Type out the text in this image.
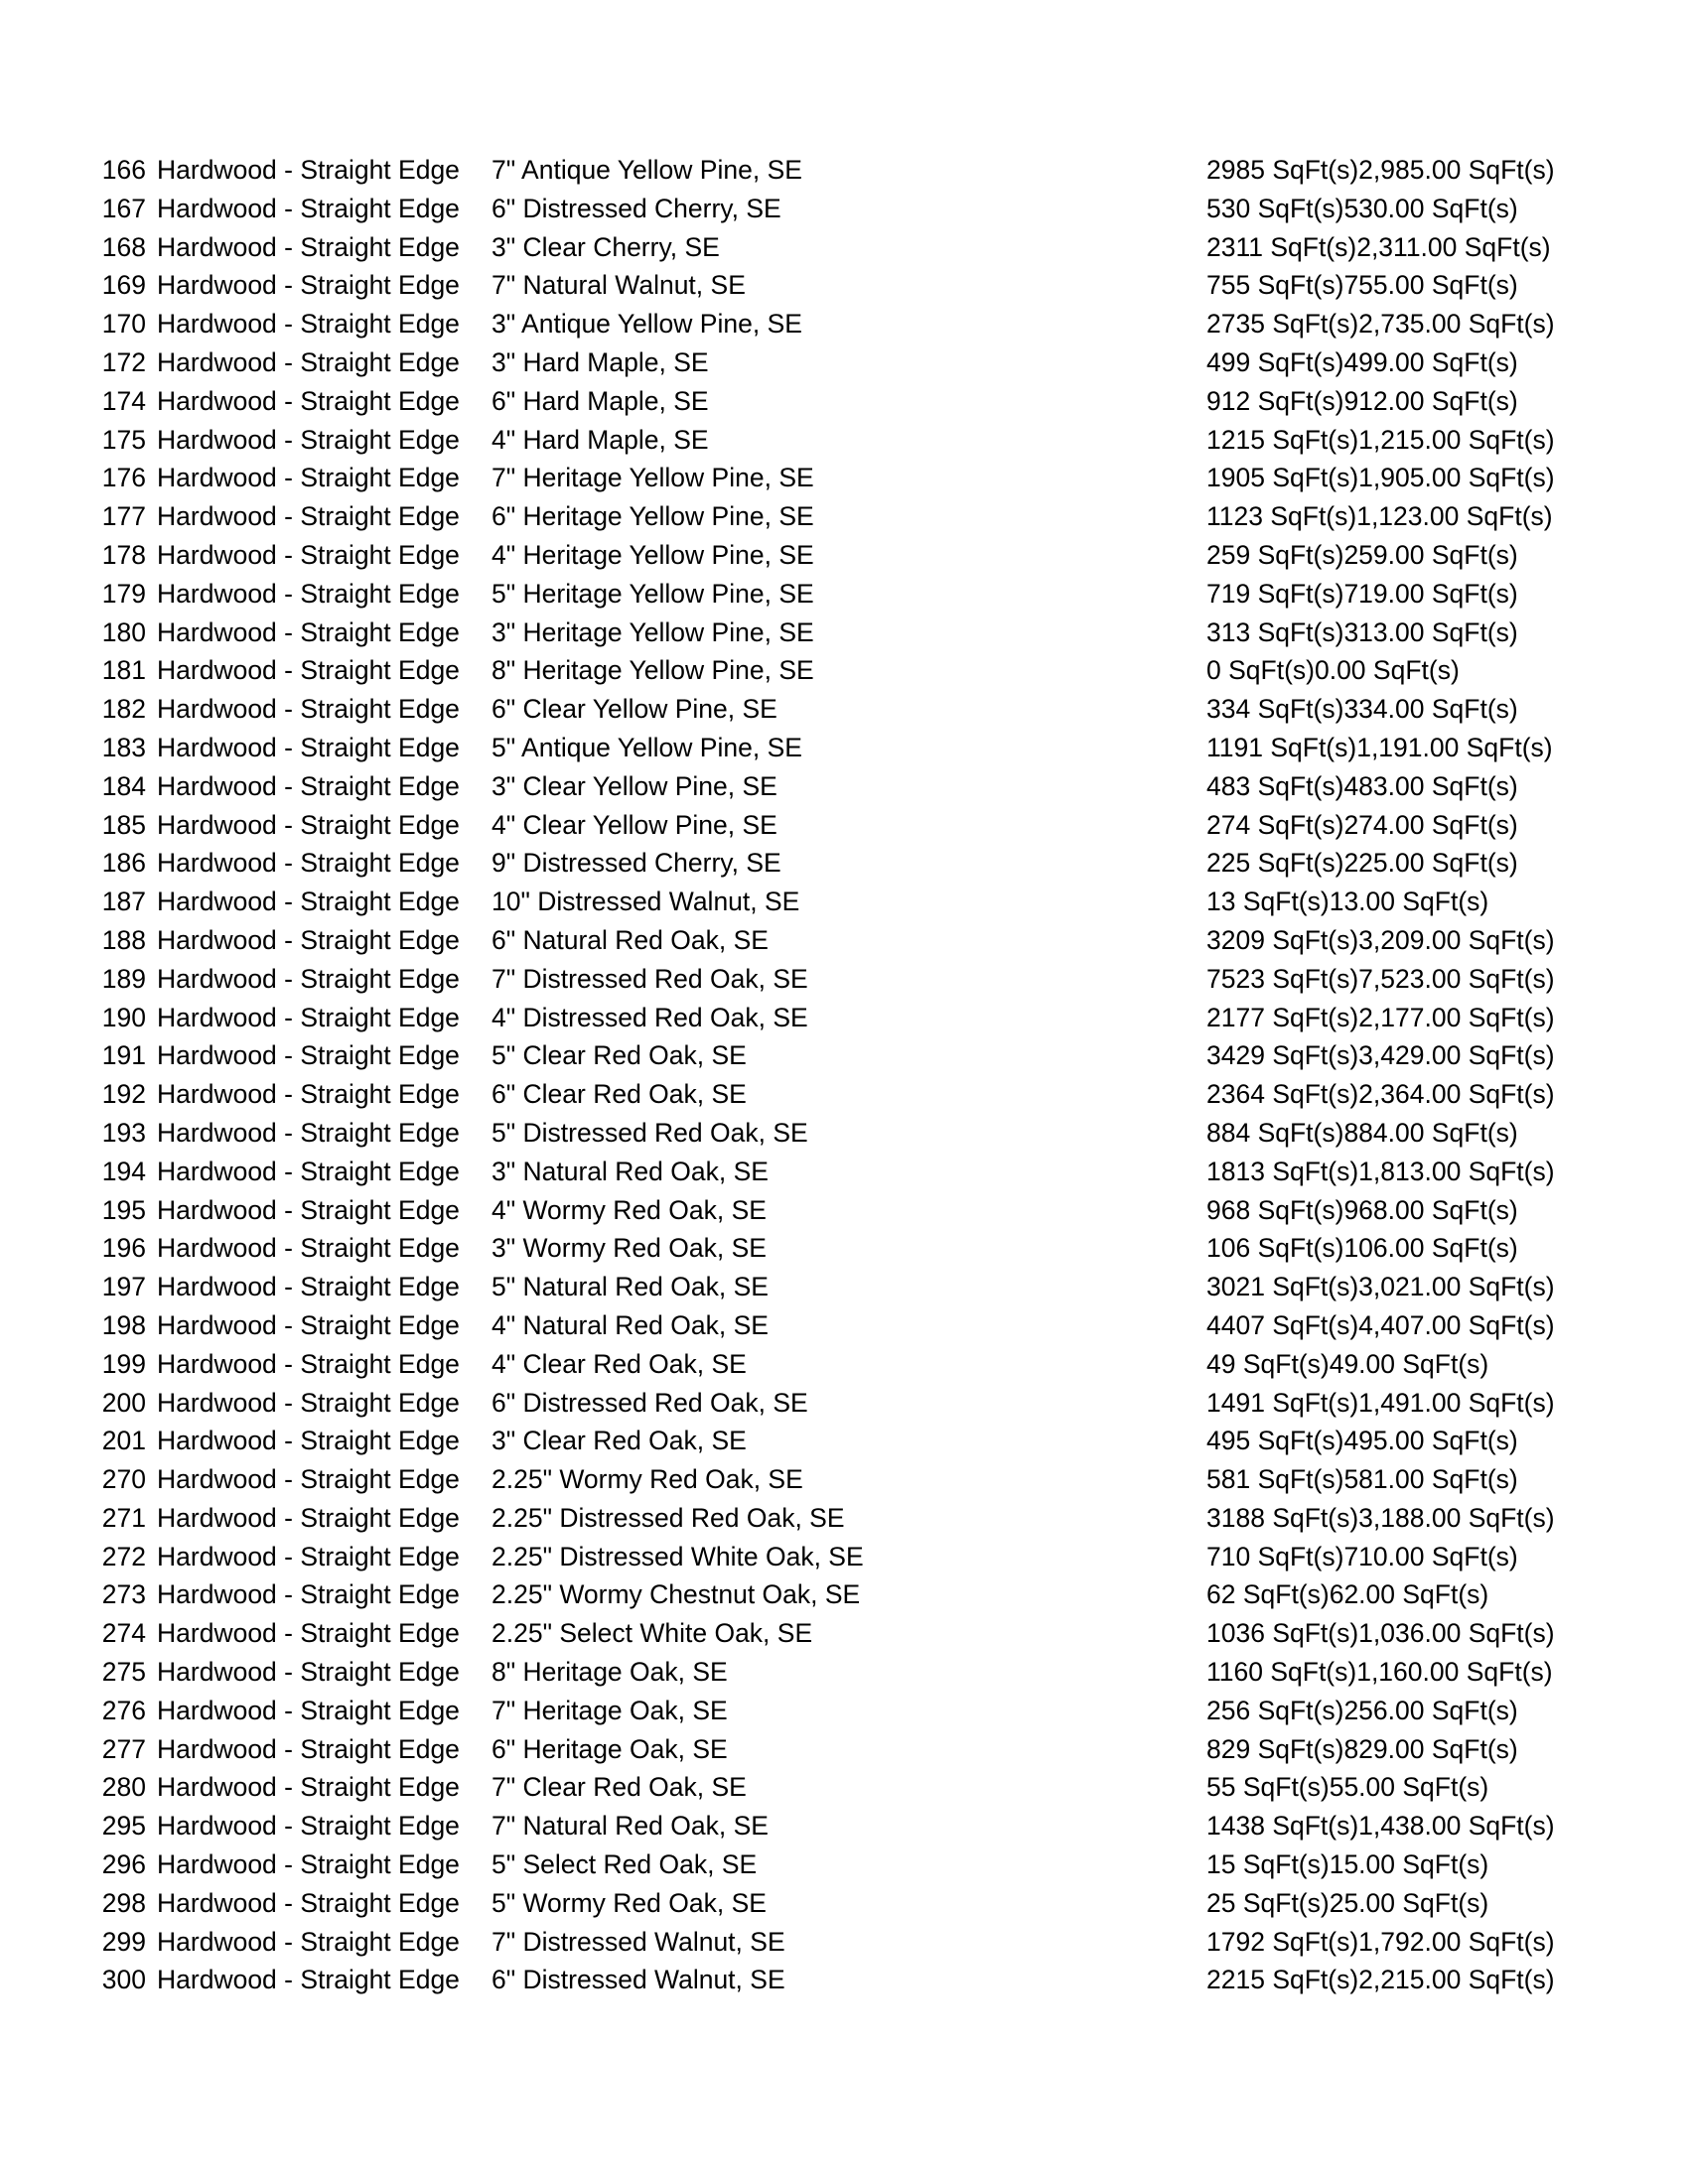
166 Hardwood - Straight Edge 7" Antique Yellow Pine, SE	2985 SqFt(s)2,985.00 SqFt(s)
167 Hardwood - Straight Edge 6" Distressed Cherry, SE	530 SqFt(s)530.00 SqFt(s)
168 Hardwood - Straight Edge 3" Clear Cherry, SE	2311 SqFt(s)2,311.00 SqFt(s)
169 Hardwood - Straight Edge 7" Natural Walnut, SE	755 SqFt(s)755.00 SqFt(s)
170 Hardwood - Straight Edge 3" Antique Yellow Pine, SE	2735 SqFt(s)2,735.00 SqFt(s)
172 Hardwood - Straight Edge 3" Hard Maple, SE	499 SqFt(s)499.00 SqFt(s)
174 Hardwood - Straight Edge 6" Hard Maple, SE	912 SqFt(s)912.00 SqFt(s)
175 Hardwood - Straight Edge 4" Hard Maple, SE	1215 SqFt(s)1,215.00 SqFt(s)
176 Hardwood - Straight Edge 7" Heritage Yellow Pine, SE	1905 SqFt(s)1,905.00 SqFt(s)
177 Hardwood - Straight Edge 6" Heritage Yellow Pine, SE	1123 SqFt(s)1,123.00 SqFt(s)
178 Hardwood - Straight Edge 4" Heritage Yellow Pine, SE	259 SqFt(s)259.00 SqFt(s)
179 Hardwood - Straight Edge 5" Heritage Yellow Pine, SE	719 SqFt(s)719.00 SqFt(s)
180 Hardwood - Straight Edge 3" Heritage Yellow Pine, SE	313 SqFt(s)313.00 SqFt(s)
181 Hardwood - Straight Edge 8" Heritage Yellow Pine, SE	0 SqFt(s)0.00 SqFt(s)
182 Hardwood - Straight Edge 6" Clear Yellow Pine, SE	334 SqFt(s)334.00 SqFt(s)
183 Hardwood - Straight Edge 5" Antique Yellow Pine, SE	1191 SqFt(s)1,191.00 SqFt(s)
184 Hardwood - Straight Edge 3" Clear Yellow Pine, SE	483 SqFt(s)483.00 SqFt(s)
185 Hardwood - Straight Edge 4" Clear Yellow Pine, SE	274 SqFt(s)274.00 SqFt(s)
186 Hardwood - Straight Edge 9" Distressed Cherry, SE	225 SqFt(s)225.00 SqFt(s)
187 Hardwood - Straight Edge 10" Distressed Walnut, SE	13 SqFt(s)13.00 SqFt(s)
188 Hardwood - Straight Edge 6" Natural Red Oak, SE	3209 SqFt(s)3,209.00 SqFt(s)
189 Hardwood - Straight Edge 7" Distressed Red Oak, SE	7523 SqFt(s)7,523.00 SqFt(s)
190 Hardwood - Straight Edge 4" Distressed Red Oak, SE	2177 SqFt(s)2,177.00 SqFt(s)
191 Hardwood - Straight Edge 5" Clear Red Oak, SE	3429 SqFt(s)3,429.00 SqFt(s)
192 Hardwood - Straight Edge 6" Clear Red Oak, SE	2364 SqFt(s)2,364.00 SqFt(s)
193 Hardwood - Straight Edge 5" Distressed Red Oak, SE	884 SqFt(s)884.00 SqFt(s)
194 Hardwood - Straight Edge 3" Natural Red Oak, SE	1813 SqFt(s)1,813.00 SqFt(s)
195 Hardwood - Straight Edge 4" Wormy Red Oak, SE	968 SqFt(s)968.00 SqFt(s)
196 Hardwood - Straight Edge 3" Wormy Red Oak, SE	106 SqFt(s)106.00 SqFt(s)
197 Hardwood - Straight Edge 5" Natural Red Oak, SE	3021 SqFt(s)3,021.00 SqFt(s)
198 Hardwood - Straight Edge 4" Natural Red Oak, SE	4407 SqFt(s)4,407.00 SqFt(s)
199 Hardwood - Straight Edge 4" Clear Red Oak, SE	49 SqFt(s)49.00 SqFt(s)
200 Hardwood - Straight Edge 6" Distressed Red Oak, SE	1491 SqFt(s)1,491.00 SqFt(s)
201 Hardwood - Straight Edge 3" Clear Red Oak, SE	495 SqFt(s)495.00 SqFt(s)
270 Hardwood - Straight Edge 2.25" Wormy Red Oak, SE	581 SqFt(s)581.00 SqFt(s)
271 Hardwood - Straight Edge 2.25" Distressed Red Oak, SE	3188 SqFt(s)3,188.00 SqFt(s)
272 Hardwood - Straight Edge 2.25" Distressed White Oak, SE	710 SqFt(s)710.00 SqFt(s)
273 Hardwood - Straight Edge 2.25" Wormy Chestnut Oak, SE	62 SqFt(s)62.00 SqFt(s)
274 Hardwood - Straight Edge 2.25" Select White Oak, SE	1036 SqFt(s)1,036.00 SqFt(s)
275 Hardwood - Straight Edge 8" Heritage Oak, SE	1160 SqFt(s)1,160.00 SqFt(s)
276 Hardwood - Straight Edge 7" Heritage Oak, SE	256 SqFt(s)256.00 SqFt(s)
277 Hardwood - Straight Edge 6" Heritage Oak, SE	829 SqFt(s)829.00 SqFt(s)
280 Hardwood - Straight Edge 7" Clear Red Oak, SE	55 SqFt(s)55.00 SqFt(s)
295 Hardwood - Straight Edge 7" Natural Red Oak, SE	1438 SqFt(s)1,438.00 SqFt(s)
296 Hardwood - Straight Edge 5" Select Red Oak, SE	15 SqFt(s)15.00 SqFt(s)
298 Hardwood - Straight Edge 5" Wormy Red Oak, SE	25 SqFt(s)25.00 SqFt(s)
299 Hardwood - Straight Edge 7" Distressed Walnut, SE	1792 SqFt(s)1,792.00 SqFt(s)
300 Hardwood - Straight Edge 6" Distressed Walnut, SE	2215 SqFt(s)2,215.00 SqFt(s)
